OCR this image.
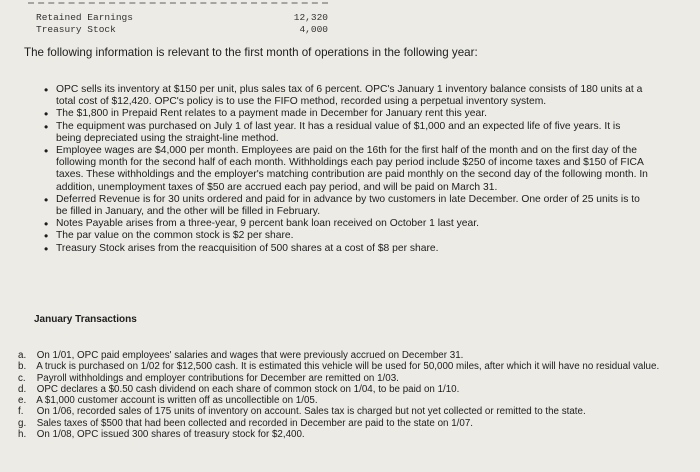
Retained Earnings	12,320
Treasury Stock	4,000
The following information is relevant to the first month of operations in the following year:
• OPC sells its inventory at $150 per unit, plus sales tax of 6 percent. OPC's January 1 inventory balance consists of 180 units at a total cost of $12,420. OPC's policy is to use the FIFO method, recorded using a perpetual inventory system.
• The $1,800 in Prepaid Rent relates to a payment made in December for January rent this year.
• The equipment was purchased on July 1 of last year. It has a residual value of $1,000 and an expected life of five years. It is being depreciated using the straight-line method.
• Employee wages are $4,000 per month. Employees are paid on the 16th for the first half of the month and on the first day of the following month for the second half of each month. Withholdings each pay period include $250 of income taxes and $150 of FICA taxes. These withholdings and the employer's matching contribution are paid monthly on the second day of the following month. In addition, unemployment taxes of $50 are accrued each pay period, and will be paid on March 31.
• Deferred Revenue is for 30 units ordered and paid for in advance by two customers in late December. One order of 25 units is to be filled in January, and the other will be filled in February.
• Notes Payable arises from a three-year, 9 percent bank loan received on October 1 last year.
• The par value on the common stock is $2 per share.
• Treasury Stock arises from the reacquisition of 500 shares at a cost of $8 per share.
January Transactions
a. On 1/01, OPC paid employees' salaries and wages that were previously accrued on December 31.
b. A truck is purchased on 1/02 for $12,500 cash. It is estimated this vehicle will be used for 50,000 miles, after which it will have no residual value.
c. Payroll withholdings and employer contributions for December are remitted on 1/03.
d. OPC declares a $0.50 cash dividend on each share of common stock on 1/04, to be paid on 1/10.
e. A $1,000 customer account is written off as uncollectible on 1/05.
f. On 1/06, recorded sales of 175 units of inventory on account. Sales tax is charged but not yet collected or remitted to the state.
g. Sales taxes of $500 that had been collected and recorded in December are paid to the state on 1/07.
h. On 1/08, OPC issued 300 shares of treasury stock for $2,400.
